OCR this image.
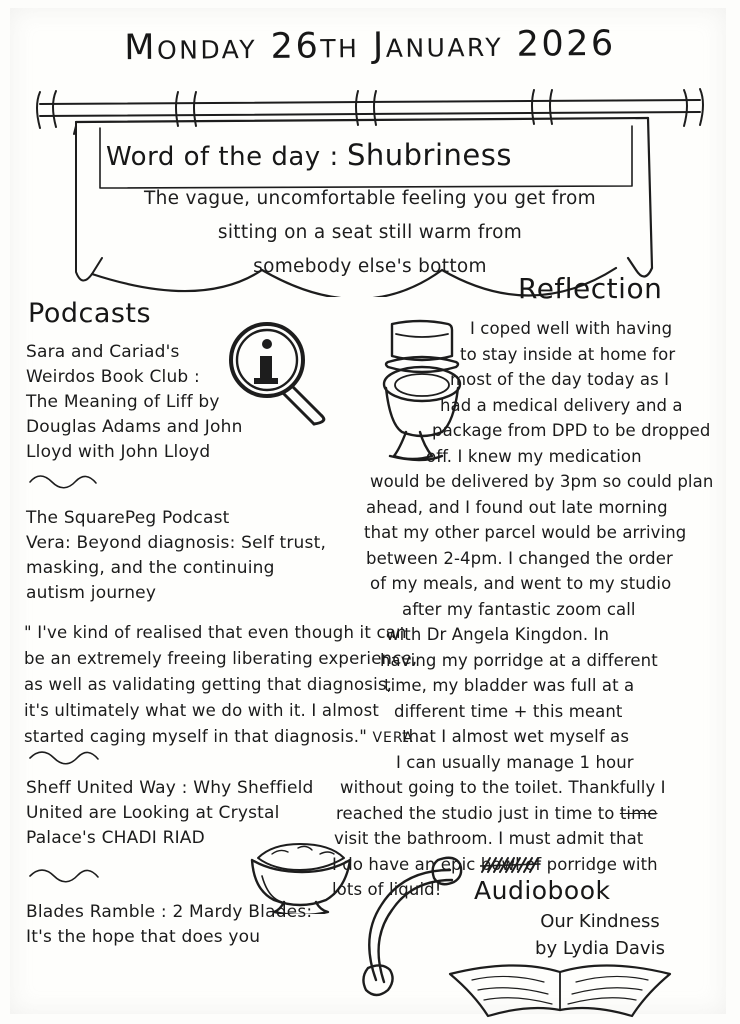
Monday 26th January 2026
Word of the day : Shubriness
The vague, uncomfortable feeling you get from
sitting on a seat still warm from
somebody else's bottom
Podcasts
Reflection
Sara and Cariad's
Weirdos Book Club :
The Meaning of Liff by
Douglas Adams and John
Lloyd with John Lloyd
The SquarePeg Podcast
Vera: Beyond diagnosis: Self trust,
masking, and the continuing
autism journey
" I've kind of realised that even though it can
be an extremely freeing liberating experience,
as well as validating getting that diagnosis,
it's ultimately what we do with it. I almost
started caging myself in that diagnosis." VERA
Sheff United Way : Why Sheffield
United are Looking at Crystal
Palace's CHADI RIAD
Blades Ramble : 2 Mardy Blades:
It's the hope that does you
I coped well with having
to stay inside at home for
most of the day today as I
had a medical delivery and a
package from DPD to be dropped
off. I knew my medication
would be delivered by 3pm so could plan
ahead, and I found out late morning
that my other parcel would be arriving
between 2-4pm. I changed the order
of my meals, and went to my studio
after my fantastic zoom call
with Dr Angela Kingdon. In
having my porridge at a different
time, my bladder was full at a
different time + this meant
that I almost wet myself as
I can usually manage 1 hour
without going to the toilet. Thankfully I
reached the studio just in time to time
visit the bathroom. I must admit that
I do have an epic bowl of porridge with
lots of liquid!	Audiobook
Our Kindness
by Lydia Davis
